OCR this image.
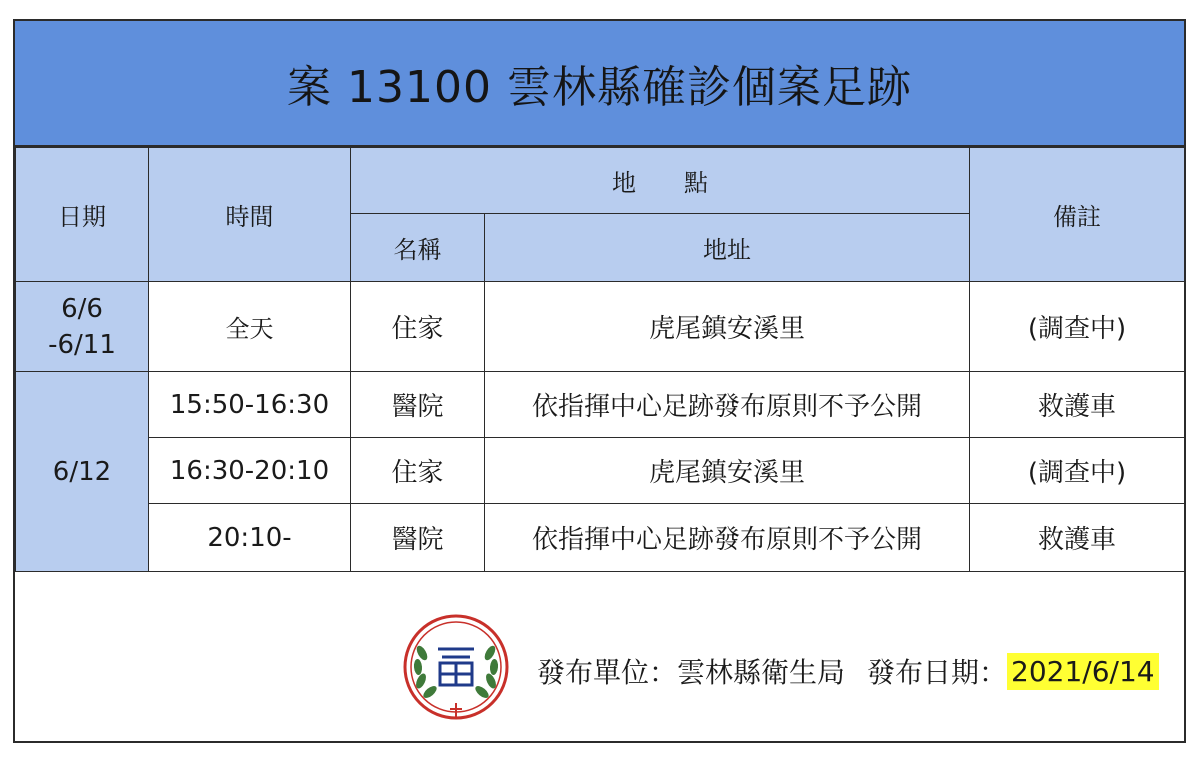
案 13100 雲林縣確診個案足跡
日期	時間	地　　點		備註
		名稱	地址	
6/6
-6/11	全天	住家	虎尾鎮安溪里	(調查中)
6/12	15:50-16:30	醫院	依指揮中心足跡發布原則不予公開	救護車
	16:30-20:10	住家	虎尾鎮安溪里	(調查中)
	20:10-	醫院	依指揮中心足跡發布原則不予公開	救護車
發布單位： 雲林縣衛生局 發布日期： 2021/6/14
